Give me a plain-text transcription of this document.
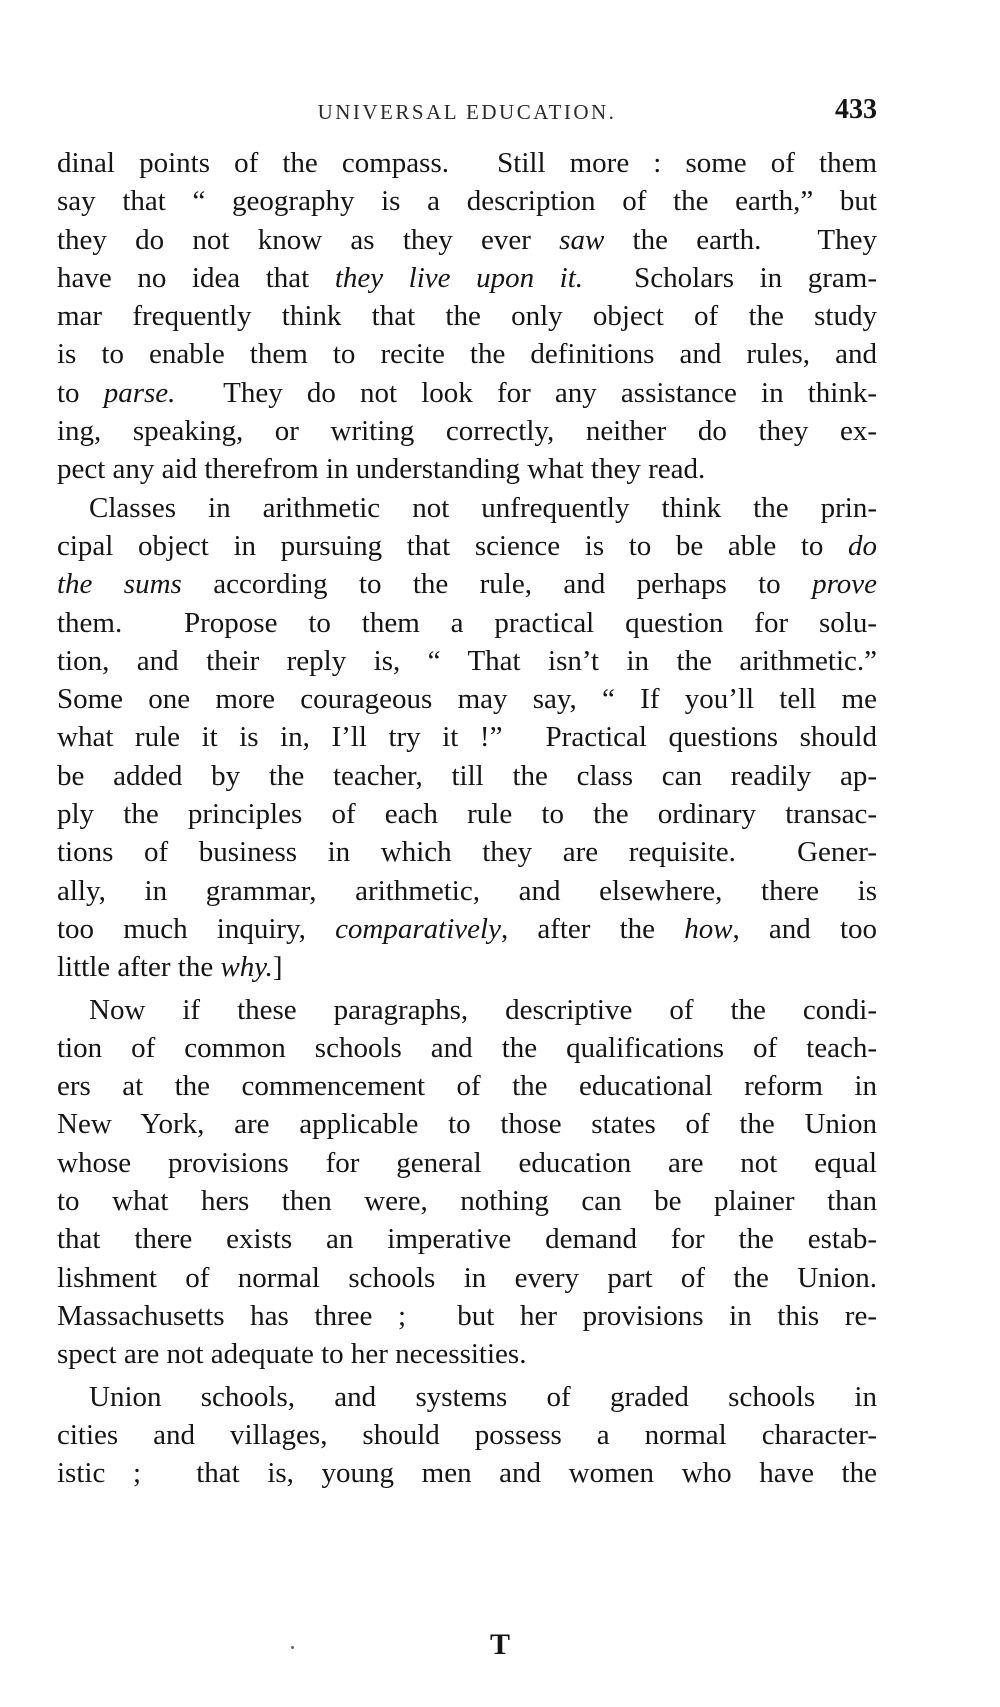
UNIVERSAL EDUCATION.	433
dinal points of the compass.  Still more : some of them
say that “ geography is a description of the earth,” but
they do not know as they ever saw the earth.  They
have no idea that they live upon it.  Scholars in gram-
mar frequently think that the only object of the study
is to enable them to recite the definitions and rules, and
to parse.  They do not look for any assistance in think-
ing, speaking, or writing correctly, neither do they ex-
pect any aid therefrom in understanding what they read.
Classes in arithmetic not unfrequently think the prin-
cipal object in pursuing that science is to be able to do
the sums according to the rule, and perhaps to prove
them.  Propose to them a practical question for solu-
tion, and their reply is, “ That isn’t in the arithmetic.”
Some one more courageous may say, “ If you’ll tell me
what rule it is in, I’ll try it !”  Practical questions should
be added by the teacher, till the class can readily ap-
ply the principles of each rule to the ordinary transac-
tions of business in which they are requisite.  Gener-
ally, in grammar, arithmetic, and elsewhere, there is
too much inquiry, comparatively, after the how, and too
little after the why.]
Now if these paragraphs, descriptive of the condi-
tion of common schools and the qualifications of teach-
ers at the commencement of the educational reform in
New York, are applicable to those states of the Union
whose provisions for general education are not equal
to what hers then were, nothing can be plainer than
that there exists an imperative demand for the estab-
lishment of normal schools in every part of the Union.
Massachusetts has three ;  but her provisions in this re-
spect are not adequate to her necessities.
Union schools, and systems of graded schools in
cities and villages, should possess a normal character-
istic ;  that is, young men and women who have the
T
